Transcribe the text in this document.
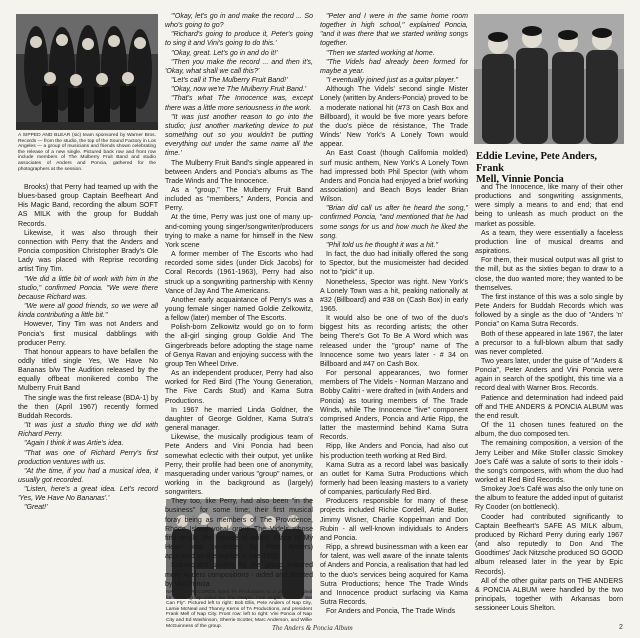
A SIPPED AND BLEAR (sic) team sponsored by Warner Bros. Records — from the studio, the top of the Sound Factory in Los Angeles — a group of musicians and friends shown celebrating the release of a new single. Pictured back row and front row include members of The Mulberry Fruit Band and studio associates of Anders and Poncia, gathered for the photographers at the session.
Eddie Levine, Pete Anders, Frank
Mell, Vinnie Poncia

Brooks) that Perry had teamed up with the blues-based group Captain Beefheart And His Magic Band, recording the album SOFT AS MILK with the group for Buddah Records.

Likewise, it was also through their connection with Perry that the Anders and Poncia composition Christopher Brady's Ole Lady was placed with Reprise recording artist Tiny Tim.

"We did a little bit of work with him in the studio," confirmed Poncia. "We were there because Richard was.

"We were all good friends, so we were all kinda contributing a little bit."

However, Tiny Tim was not Anders and Poncia's first musical dabblings with producer Perry.

That honour appears to have befallen the oddly titled single Yes, We Have No Bananas b/w The Audition released by the equally offbeat monikered combo The Mulberry Fruit Band

The single was the first release (BDA-1) by the then (April 1967) recently formed Buddah Records.

"It was just a studio thing we did with Richard Perry.

"Again I think it was Artie's idea.

"That was one of Richard Perry's first production ventures with us.

"At the time, if you had a musical idea, it usually got recorded.

"Listen, here's a great idea. Let's record 'Yes, We Have No Bananas'.'

"Great!'

"'Okay, let's go in and make the record ... So who's going to go?

"Richard's going to produce it, Peter's going to sing it and Vini's going to do this.'

"Okay, great. Let's go in and do it!'

"Then you make the record ... and then it's, 'Okay, what shall we call this?'

"Let's call it The Mulberry Fruit Band!'

"Okay, now we're The Mulberry Fruit Band.'

"That's what The Innocence was, except there was a little more seriousness in the work.

"It was just another reason to go into the studio; just another marketing device to put something out so you wouldn't be putting everything out under the same name all the time.'

The Mulberry Fruit Band's single appeared in between Anders and Poncia's albums as The Trade Winds and The Innocence.

As a "group," The Mulberry Fruit Band included as "members," Anders, Poncia and Perry.

At the time, Perry was just one of many up-and-coming young singer/songwriter/producers trying to make a name for himself in the New York scene

A former member of The Escorts who had recorded some sides (under Dick Jacobs) for Coral Records (1961-1963), Perry had also struck up a songwriting partnership with Kenny Vance of Jay And The Americans.

Another early acquaintance of Perry's was a young female singer named Goldie Zelkowitz, a fellow (later) member of The Escorts.

Polish-born Zelkowitz would go on to form the all-girl singing group Goldie And The Gingerbreads before adopting the stage name of Genya Ravan and enjoying success with the group Ten Wheel Drive.

As an independent producer, Perry had also worked for Red Bird (The Young Generation, The Five Cards Stud) and Kama Sutra Productions.

In 1967 he married Linda Goldner, the daughter of George Goldner, Kama Sutra's general manager.

Likewise, the musically prodigious team of Pete Anders and Vini Poncia had been somewhat eclectic with their output, yet unlike Perry, their profile had been one of anonymity, masquerading under various "group" names, or working in the background as (largely) songwriters.

They too, like Perry, had also been "in the business" for some time; their first musical foray being as members of The Providence, Rhode Island vocal group The Videls whose first single (the flipside of which, Place In My Heart was co-written by Pete Anders) appeared on the market in late 1958.

Subsequent singles by the group featured more Anders compositions - aided and abetted by Vini Poncia.

NAP CITY RECORDS signs TA Productions to a production deal for a new group called the The People. First single will be "If We Can Fly". Pictured left to right: Bob Ellis, Pete Anders of Nap City, Lamie McNeal and Thanny Kerns of TA Productions, and president Frank Mell of Nap City. Front row: left to right: Vini Poncia of Nap City and Ed Washinson, Sherrie Scotter, Marc Anderson, and Willie McGuinness of the group.

"Peter and I were in the same home room together in high school," explained Poncia, "and it was there that we started writing songs together.

"Then we started working at home.

"The Videls had already been formed for maybe a year.

"I eventually joined just as a guitar player."

Although The Videls' second single Mister Lonely (written by Anders-Poncia) proved to be a moderate national hit (#73 on Cash Box and Billboard), it would be five more years before the duo's pièce de résistance, The Trade Winds' New York's A Lonely Town would appear.

An East Coast (though California molded) surf music anthem, New York's A Lonely Town had impressed both Phil Spector (with whom Anders and Poncia had enjoyed a brief working association) and Beach Boys leader Brian Wilson.

"Brian did call us after he heard the song," confirmed Poncia, "and mentioned that he had some songs for us and how much he liked the song.

"Phil told us he thought it was a hit."

In fact, the duo had initially offered the song to Spector, but the musicmeister had decided not to "pick" it up.

Nonetheless, Spector was right. New York's A Lonely Town was a hit, peaking nationally at #32 (Billboard) and #38 on (Cash Box) in early 1965.

It would also be one of two of the duo's biggest hits as recording artists; the other being There's Got To Be A Word which was released under the "group" name of The Innocence some two years later - # 34 on Billboard and #47 on Cash Box.

For personal appearances, two former members of The Videls - Norman Marzano and Bobby Calitri - were drafted in (with Anders and Poncia) as touring members of The Trade Winds, while The Innocence "live" component comprised Anders, Poncia and Artie Ripp, the latter the mastermind behind Kama Sutra Records.

Ripp, like Anders and Poncia, had also cut his production teeth working at Red Bird.

Kama Sutra as a record label was basically an outlet for Kama Sutra Productions which formerly had been leasing masters to a variety of companies, particularly Red Bird.

Producers responsible for many of these projects included Richie Cordell, Artie Butler, Jimmy Wisner, Charlie Koppelman and Don Rubin - all well-known individuals to Anders and Poncia.

Ripp, a shrewd businessman with a keen ear for talent, was well aware of the innate talents of Anders and Poncia, a realisation that had led to the duo's services being acquired for Kama Sutra Productions; hence The Trade Winds and Innocence product surfacing via Kama Sutra Records.

For Anders and Poncia, The Trade Winds

and The Innocence, like many of their other productions and songwriting assignments, were simply a means to and end; that end being to unleash as much product on the market as possible.

As a team, they were essentially a faceless production line of musical dreams and aspirations.

For them, their musical output was all grist to the mill, but as the sixties began to draw to a close, the duo wanted more; they wanted to be themselves.

The first instance of this was a solo single by Pete Anders for Buddah Records which was followed by a single as the duo of "Anders 'n' Poncia" on Kama Sutra Records.

Both of these appeared in late 1967, the later a precursor to a full-blown album that sadly was never completed.

Two years later, under the guise of "Anders & Poncia", Peter Anders and Vini Poncia were again in search of the spotlight, this time via a record deal with Warner Bros. Records.

Patience and determination had indeed paid off and THE ANDERS & PONCIA ALBUM was the end result.

Of the 11 chosen tunes featured on the album, the duo composed ten.

The remaining composition, a version of the Jerry Leiber and Mike Stoller classic Smokey Joe's Café was a salute of sorts to their idols - the song's composers, with whom the duo had worked at Red Bird Records.

Smokey Joe's Café was also the only tune on the album to feature the added input of guitarist Ry Cooder (on bottleneck).

Cooder had contributed significantly to Captain Beefheart's SAFE AS MILK album, produced by Richard Perry during early 1967 (and also reputedly to Don And The Goodtimes' Jack Nitzsche produced SO GOOD album released later in the year by Epic Records).

All of the other guitar parts on THE ANDERS & PONCIA ALBUM were handled by the two principals, together with Arkansas born sessioneer Louis Shelton.

The Anders & Poncia Album	2
